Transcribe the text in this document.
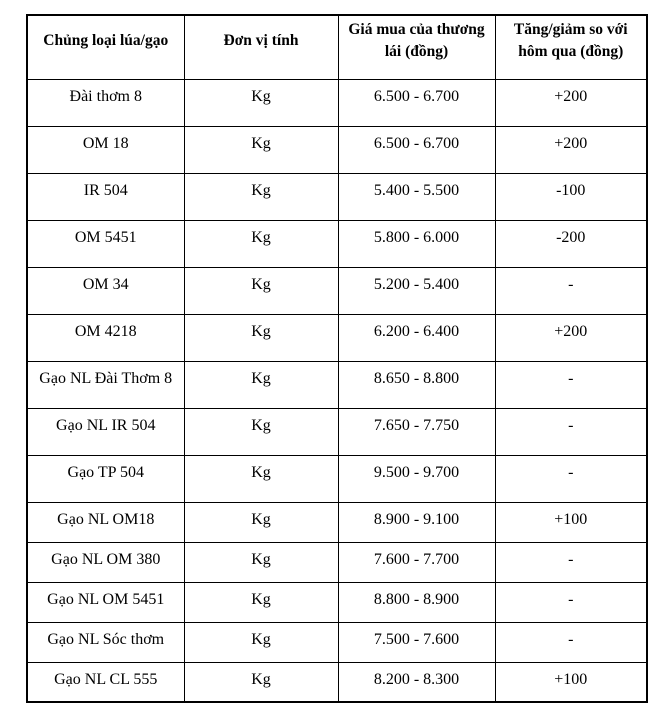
Chủng loại lúa/gạo	Đơn vị tính	Giá mua của thương lái (đồng)	Tăng/giảm so với hôm qua (đồng)
Đài thơm 8	Kg	6.500 - 6.700	+200
OM 18	Kg	6.500 - 6.700	+200
IR 504	Kg	5.400 - 5.500	-100
OM 5451	Kg	5.800 - 6.000	-200
OM 34	Kg	5.200 - 5.400	-
OM 4218	Kg	6.200 - 6.400	+200
Gạo NL Đài Thơm 8	Kg	8.650 - 8.800	-
Gạo NL IR 504	Kg	7.650 - 7.750	-
Gạo TP 504	Kg	9.500 - 9.700	-
Gạo NL OM18	Kg	8.900 - 9.100	+100
Gạo NL OM 380	Kg	7.600 - 7.700	-
Gạo NL OM 5451	Kg	8.800 - 8.900	-
Gạo NL Sóc thơm	Kg	7.500 - 7.600	-
Gạo NL CL 555	Kg	8.200 - 8.300	+100
